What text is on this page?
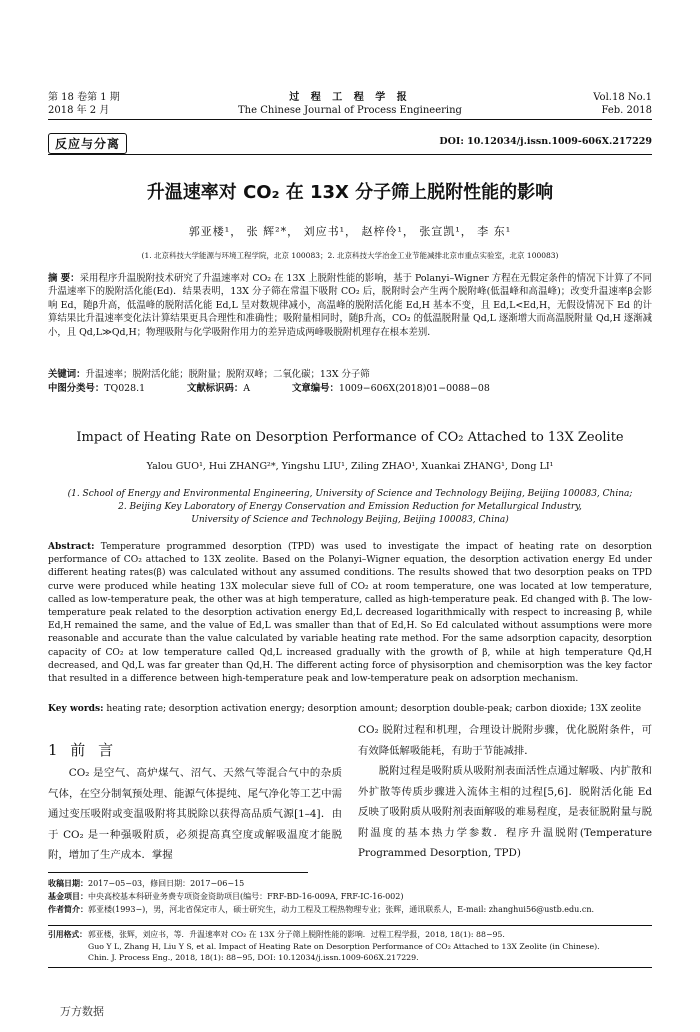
第 18 卷第 1 期
2018 年 2 月
过 程 工 程 学 报
The Chinese Journal of Process Engineering
Vol.18 No.1
Feb. 2018
反应与分离	DOI: 10.12034/j.issn.1009-606X.217229
升温速率对 CO₂ 在 13X 分子筛上脱附性能的影响
郭亚楼¹， 张 辉²*， 刘应书¹， 赵梓伶¹， 张宣凯¹， 李 东¹
(1. 北京科技大学能源与环境工程学院，北京 100083；2. 北京科技大学冶金工业节能减排北京市重点实验室，北京 100083)
摘 要：采用程序升温脱附技术研究了升温速率对 CO₂ 在 13X 上脱附性能的影响，基于 Polanyi–Wigner 方程在无假定条件的情况下计算了不同升温速率下的脱附活化能(Ed)．结果表明，13X 分子筛在常温下吸附 CO₂ 后，脱附时会产生两个脱附峰(低温峰和高温峰)；改变升温速率β会影响 Ed，随β升高，低温峰的脱附活化能 Ed,L 呈对数规律减小，高温峰的脱附活化能 Ed,H 基本不变，且 Ed,L<Ed,H，无假设情况下 Ed 的计算结果比升温速率变化法计算结果更具合理性和准确性；吸附量相同时，随β升高，CO₂ 的低温脱附量 Qd,L 逐渐增大而高温脱附量 Qd,H 逐渐减小，且 Qd,L≫Qd,H；物理吸附与化学吸附作用力的差异造成两峰吸脱附机理存在根本差别．
关键词：升温速率；脱附活化能；脱附量；脱附双峰；二氧化碳；13X 分子筛
中图分类号：TQ028.1	文献标识码：A	文章编号：1009−606X(2018)01−0088−08
Impact of Heating Rate on Desorption Performance of CO₂ Attached to 13X Zeolite
Yalou GUO¹, Hui ZHANG²*, Yingshu LIU¹, Ziling ZHAO¹, Xuankai ZHANG¹, Dong LI¹
(1. School of Energy and Environmental Engineering, University of Science and Technology Beijing, Beijing 100083, China;
2. Beijing Key Laboratory of Energy Conservation and Emission Reduction for Metallurgical Industry,
University of Science and Technology Beijing, Beijing 100083, China)
Abstract: Temperature programmed desorption (TPD) was used to investigate the impact of heating rate on desorption performance of CO₂ attached to 13X zeolite. Based on the Polanyi–Wigner equation, the desorption activation energy Ed under different heating rates(β) was calculated without any assumed conditions. The results showed that two desorption peaks on TPD curve were produced while heating 13X molecular sieve full of CO₂ at room temperature, one was located at low temperature, called as low-temperature peak, the other was at high temperature, called as high-temperature peak. Ed changed with β. The low-temperature peak related to the desorption activation energy Ed,L decreased logarithmically with respect to increasing β, while Ed,H remained the same, and the value of Ed,L was smaller than that of Ed,H. So Ed calculated without assumptions were more reasonable and accurate than the value calculated by variable heating rate method. For the same adsorption capacity, desorption capacity of CO₂ at low temperature called Qd,L increased gradually with the growth of β, while at high temperature Qd,H decreased, and Qd,L was far greater than Qd,H. The different acting force of physisorption and chemisorption was the key factor that resulted in a difference between high-temperature peak and low-temperature peak on adsorption mechanism.
Key words: heating rate; desorption activation energy; desorption amount; desorption double-peak; carbon dioxide; 13X zeolite
1 前 言

CO₂ 是空气、高炉煤气、沼气、天然气等混合气中的杂质气体，在空分制氧预处理、能源气体提纯、尾气净化等工艺中需通过变压吸附或变温吸附将其脱除以获得高品质气源[1–4]．由于 CO₂ 是一种强吸附质，必须提高真空度或解吸温度才能脱附，增加了生产成本．掌握

CO₂ 脱附过程和机理，合理设计脱附步骤，优化脱附条件，可有效降低解吸能耗，有助于节能减排．

脱附过程是吸附质从吸附剂表面活性点通过解吸、内扩散和外扩散等传质步骤进入流体主相的过程[5,6]．脱附活化能 Ed 反映了吸附质从吸附剂表面解吸的难易程度，是表征脱附量与脱附温度的基本热力学参数．程序升温脱附(Temperature Programmed Desorption, TPD)

收稿日期：2017−05−03，修回日期：2017−06−15
基金项目：中央高校基本科研业务费专项资金资助项目(编号：FRF-BD-16-009A, FRF-IC-16-002)
作者简介：郭亚楼(1993−)，男，河北省保定市人，硕士研究生，动力工程及工程热物理专业；张辉，通讯联系人，E-mail: zhanghui56@ustb.edu.cn.
引用格式： 郭亚楼，张辉，刘应书，等．升温速率对 CO₂ 在 13X 分子筛上脱附性能的影响．过程工程学报，2018, 18(1): 88−95.
Guo Y L, Zhang H, Liu Y S, et al. Impact of Heating Rate on Desorption Performance of CO₂ Attached to 13X Zeolite (in Chinese).
Chin. J. Process Eng., 2018, 18(1): 88−95, DOI: 10.12034/j.issn.1009-606X.217229.
万方数据
